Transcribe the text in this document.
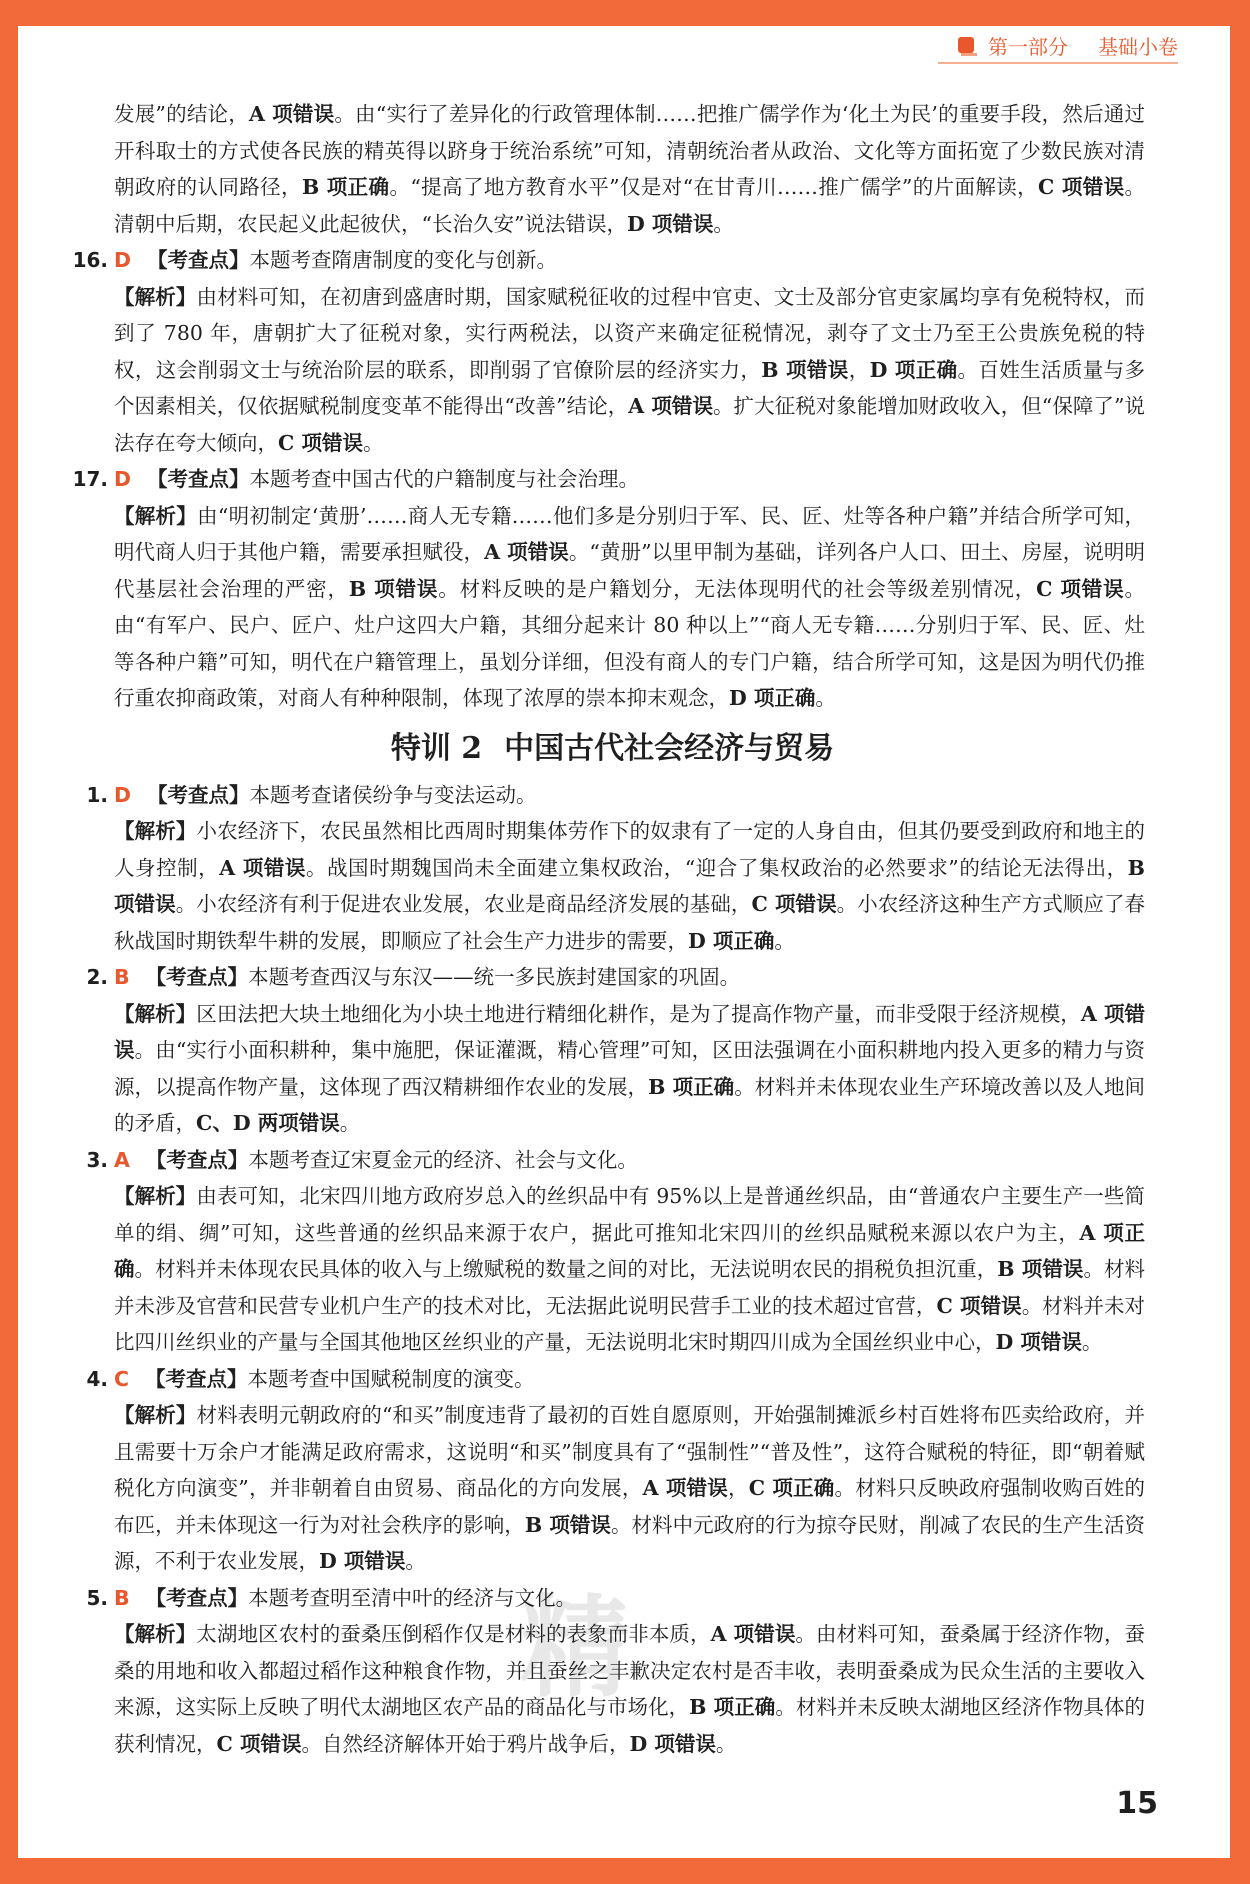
第一部分 基础小卷

发展”的结论，A 项错误。由“实行了差异化的行政管理体制……把推广儒学作为‘化土为民’的重要手段，然后通过开科取士的方式使各民族的精英得以跻身于统治系统”可知，清朝统治者从政治、文化等方面拓宽了少数民族对清朝政府的认同路径，B 项正确。“提高了地方教育水平”仅是对“在甘青川……推广儒学”的片面解读，C 项错误。清朝中后期，农民起义此起彼伏，“长治久安”说法错误，D 项错误。

16. D 【考查点】本题考查隋唐制度的变化与创新。

【解析】由材料可知，在初唐到盛唐时期，国家赋税征收的过程中官吏、文士及部分官吏家属均享有免税特权，而到了 780 年，唐朝扩大了征税对象，实行两税法，以资产来确定征税情况，剥夺了文士乃至王公贵族免税的特权，这会削弱文士与统治阶层的联系，即削弱了官僚阶层的经济实力，B 项错误，D 项正确。百姓生活质量与多个因素相关，仅依据赋税制度变革不能得出“改善”结论，A 项错误。扩大征税对象能增加财政收入，但“保障了”说法存在夸大倾向，C 项错误。

17. D 【考查点】本题考查中国古代的户籍制度与社会治理。

【解析】由“明初制定‘黄册’……商人无专籍……他们多是分别归于军、民、匠、灶等各种户籍”并结合所学可知，明代商人归于其他户籍，需要承担赋役，A 项错误。“黄册”以里甲制为基础，详列各户人口、田土、房屋，说明明代基层社会治理的严密，B 项错误。材料反映的是户籍划分，无法体现明代的社会等级差别情况，C 项错误。由“有军户、民户、匠户、灶户这四大户籍，其细分起来计 80 种以上”“商人无专籍……分别归于军、民、匠、灶等各种户籍”可知，明代在户籍管理上，虽划分详细，但没有商人的专门户籍，结合所学可知，这是因为明代仍推行重农抑商政策，对商人有种种限制，体现了浓厚的崇本抑末观念，D 项正确。

特训 2 中国古代社会经济与贸易

1. D 【考查点】本题考查诸侯纷争与变法运动。

【解析】小农经济下，农民虽然相比西周时期集体劳作下的奴隶有了一定的人身自由，但其仍要受到政府和地主的人身控制，A 项错误。战国时期魏国尚未全面建立集权政治，“迎合了集权政治的必然要求”的结论无法得出，B 项错误。小农经济有利于促进农业发展，农业是商品经济发展的基础，C 项错误。小农经济这种生产方式顺应了春秋战国时期铁犁牛耕的发展，即顺应了社会生产力进步的需要，D 项正确。

2. B 【考查点】本题考查西汉与东汉——统一多民族封建国家的巩固。

【解析】区田法把大块土地细化为小块土地进行精细化耕作，是为了提高作物产量，而非受限于经济规模，A 项错误。由“实行小面积耕种，集中施肥，保证灌溉，精心管理”可知，区田法强调在小面积耕地内投入更多的精力与资源，以提高作物产量，这体现了西汉精耕细作农业的发展，B 项正确。材料并未体现农业生产环境改善以及人地间的矛盾，C、D 两项错误。

3. A 【考查点】本题考查辽宋夏金元的经济、社会与文化。

【解析】由表可知，北宋四川地方政府岁总入的丝织品中有 95%以上是普通丝织品，由“普通农户主要生产一些简单的绢、绸”可知，这些普通的丝织品来源于农户，据此可推知北宋四川的丝织品赋税来源以农户为主，A 项正确。材料并未体现农民具体的收入与上缴赋税的数量之间的对比，无法说明农民的捐税负担沉重，B 项错误。材料并未涉及官营和民营专业机户生产的技术对比，无法据此说明民营手工业的技术超过官营，C 项错误。材料并未对比四川丝织业的产量与全国其他地区丝织业的产量，无法说明北宋时期四川成为全国丝织业中心，D 项错误。

4. C 【考查点】本题考查中国赋税制度的演变。

【解析】材料表明元朝政府的“和买”制度违背了最初的百姓自愿原则，开始强制摊派乡村百姓将布匹卖给政府，并且需要十万余户才能满足政府需求，这说明“和买”制度具有了“强制性”“普及性”，这符合赋税的特征，即“朝着赋税化方向演变”，并非朝着自由贸易、商品化的方向发展，A 项错误，C 项正确。材料只反映政府强制收购百姓的布匹，并未体现这一行为对社会秩序的影响，B 项错误。材料中元政府的行为掠夺民财，削减了农民的生产生活资源，不利于农业发展，D 项错误。

5. B 【考查点】本题考查明至清中叶的经济与文化。

【解析】太湖地区农村的蚕桑压倒稻作仅是材料的表象而非本质，A 项错误。由材料可知，蚕桑属于经济作物，蚕桑的用地和收入都超过稻作这种粮食作物，并且蚕丝之丰歉决定农村是否丰收，表明蚕桑成为民众生活的主要收入来源，这实际上反映了明代太湖地区农产品的商品化与市场化，B 项正确。材料并未反映太湖地区经济作物具体的获利情况，C 项错误。自然经济解体开始于鸦片战争后，D 项错误。

15
